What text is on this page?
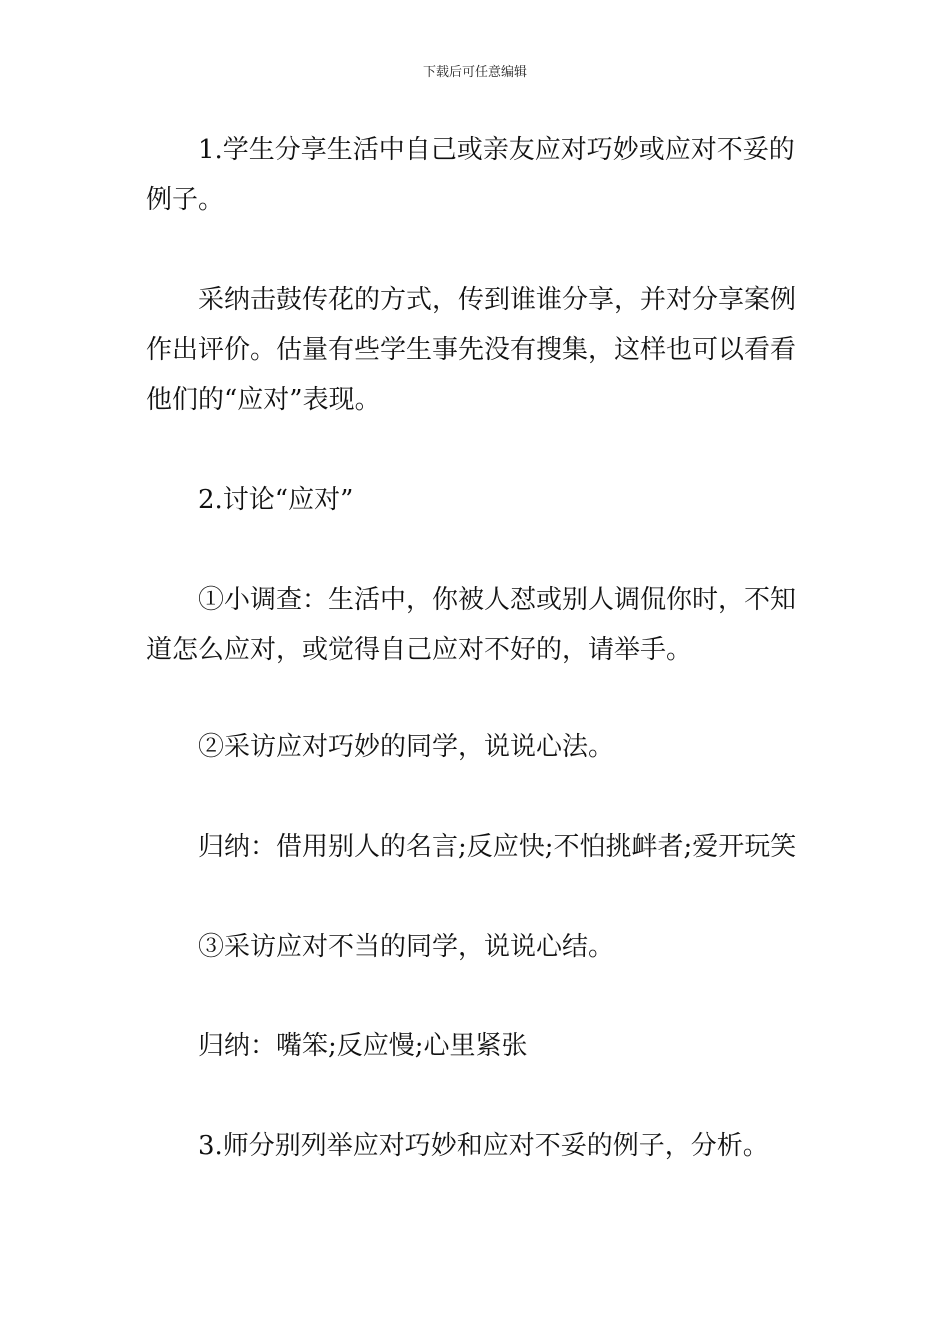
下载后可任意编辑

1.学生分享生活中自己或亲友应对巧妙或应对不妥的例子。

采纳击鼓传花的方式，传到谁谁分享，并对分享案例作出评价。估量有些学生事先没有搜集，这样也可以看看他们的“应对”表现。

2.讨论“应对”

①小调查：生活中，你被人怼或别人调侃你时，不知道怎么应对，或觉得自己应对不好的，请举手。

②采访应对巧妙的同学，说说心法。

归纳：借用别人的名言;反应快;不怕挑衅者;爱开玩笑

③采访应对不当的同学，说说心结。

归纳：嘴笨;反应慢;心里紧张

3.师分别列举应对巧妙和应对不妥的例子，分析。
